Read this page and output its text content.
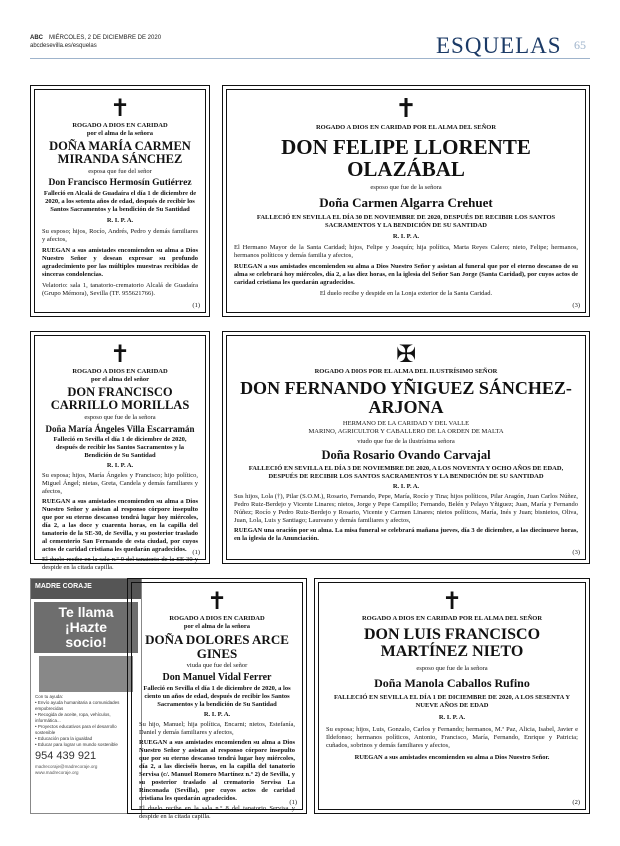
ABC MIÉRCOLES, 2 DE DICIEMBRE DE 2020
abcdesevilla.es/esquelas	ESQUELAS 65
✝
ROGADO A DIOS EN CARIDAD
por el alma de la señora
DOÑA MARÍA CARMEN MIRANDA SÁNCHEZ
esposa que fue del señor
Don Francisco Hermosín Gutiérrez
Falleció en Alcalá de Guadaíra el día 1 de diciembre de 2020, a los setenta años de edad, después de recibir los Santos Sacramentos y la bendición de Su Santidad
R. I. P. A.
Su esposo; hijos, Rocío, Andrés, Pedro y demás familiares y afectos,
RUEGAN a sus amistades encomienden su alma a Dios Nuestro Señor y desean expresar su profundo agradecimiento por las múltiples muestras recibidas de sinceras condolencias.
Velatorio: sala 1, tanatorio-crematorio Alcalá de Guadaíra (Grupo Mémora), Sevilla (TF. 955621766).
(1)
✝
ROGADO A DIOS EN CARIDAD POR EL ALMA DEL SEÑOR
DON FELIPE LLORENTE OLAZÁBAL
esposo que fue de la señora
Doña Carmen Algarra Crehuet
FALLECIÓ EN SEVILLA EL DÍA 30 DE NOVIEMBRE DE 2020, DESPUÉS DE RECIBIR LOS SANTOS SACRAMENTOS Y LA BENDICIÓN DE SU SANTIDAD
R. I. P. A.
El Hermano Mayor de la Santa Caridad; hijos, Felipe y Joaquín; hija política, Marta Reyes Calero; nieto, Felipe; hermanos, hermanos políticos y demás familia y afectos,
RUEGAN a sus amistades encomienden su alma a Dios Nuestro Señor y asistan al funeral que por el eterno descanso de su alma se celebrará hoy miércoles, día 2, a las diez horas, en la iglesia del Señor San Jorge (Santa Caridad), por cuyos actos de caridad cristiana les quedarán agradecidos.
El duelo recibe y despide en la Lonja exterior de la Santa Caridad.
(3)
✝
ROGADO A DIOS EN CARIDAD
por el alma del señor
DON FRANCISCO CARRILLO MORILLAS
esposo que fue de la señora
Doña María Ángeles Villa Escarramán
Falleció en Sevilla el día 1 de diciembre de 2020, después de recibir los Santos Sacramentos y la Bendición de Su Santidad
R. I. P. A.
Su esposa; hijos, María Ángeles y Francisco; hijo político, Miguel Ángel; nietas, Greta, Candela y demás familiares y afectos,
RUEGAN a sus amistades encomienden su alma a Dios Nuestro Señor y asistan al responso córpore insepulto que por su eterno descanso tendrá lugar hoy miércoles, día 2, a las doce y cuarenta horas, en la capilla del tanatorio de la SE-30, de Sevilla, y su posterior traslado al cementerio San Fernando de esta ciudad, por cuyos actos de caridad cristiana les quedarán agradecidos.
El duelo recibe en la sala n.º 9 del tanatorio de la SE-30 y despide en la citada capilla.
(1)
✠
ROGADO A DIOS POR EL ALMA DEL ILUSTRÍSIMO SEÑOR
DON FERNANDO YÑIGUEZ SÁNCHEZ-ARJONA
HERMANO DE LA CARIDAD Y DEL VALLE
MARINO, AGRICULTOR Y CABALLERO DE LA ORDEN DE MALTA
viudo que fue de la ilustrísima señora
Doña Rosario Ovando Carvajal
FALLECIÓ EN SEVILLA EL DÍA 3 DE NOVIEMBRE DE 2020, A LOS NOVENTA Y OCHO AÑOS DE EDAD, DESPUÉS DE RECIBIR LOS SANTOS SACRAMENTOS Y LA BENDICIÓN DE SU SANTIDAD
R. I. P. A.
Sus hijos, Lola (†), Pilar (S.O.M.), Rosario, Fernando, Pepe, María, Rocío y Tina; hijos políticos, Pilar Aragón, Juan Carlos Núñez, Pedro Ruiz-Berdejo y Vicente Linares; nietos, Jorge y Pepe Campillo; Fernando, Belén y Pelayo Yñiguez; Juan, María y Fernando Núñez; Rocío y Pedro Ruiz-Berdejo y Rosario, Vicente y Carmen Linares; nietos políticos, María, Inés y Juan; bisnietos, Oliva, Juan, Lola, Luis y Santiago; Laureano y demás familiares y afectos,
RUEGAN una oración por su alma. La misa funeral se celebrará mañana jueves, día 3 de diciembre, a las diecinueve horas, en la iglesia de la Anunciación.
(3)
MADRE CORAJE
Te llama
¡Hazte
socio!
Con tu ayuda:
• Envío ayuda humanitaria a comunidades empobrecidas
• Recogida de aceite, ropa, vehículos, informática...
• Proyectos educativos para el desarrollo sostenible
• Educación para la igualdad
• Educar para lograr un mundo sostenible
954 439 921
madrecoraje@madrecoraje.org
www.madrecoraje.org
✝
ROGADO A DIOS EN CARIDAD
por el alma de la señora
DOÑA DOLORES ARCE GINES
viuda que fue del señor
Don Manuel Vidal Ferrer
Falleció en Sevilla el día 1 de diciembre de 2020, a los ciento un años de edad, después de recibir los Santos Sacramentos y la bendición de Su Santidad
R. I. P. A.
Su hijo, Manuel; hija política, Encarni; nietos, Estefanía, Daniel y demás familiares y afectos,
RUEGAN a sus amistades encomienden su alma a Dios Nuestro Señor y asistan al responso córpore insepulto que por su eterno descanso tendrá lugar hoy miércoles, día 2, a las dieciséis horas, en la capilla del tanatorio Servisa (c/. Manuel Romero Martínez n.º 2) de Sevilla, y su posterior traslado al crematorio Servisa La Rinconada (Sevilla), por cuyos actos de caridad cristiana les quedarán agradecidos.
El duelo recibe en la sala n.º 8 del tanatorio Servisa y despide en la citada capilla.
(1)
✝
ROGADO A DIOS EN CARIDAD POR EL ALMA DEL SEÑOR
DON LUIS FRANCISCO MARTÍNEZ NIETO
esposo que fue de la señora
Doña Manola Caballos Rufino
FALLECIÓ EN SEVILLA EL DÍA 1 DE DICIEMBRE DE 2020, A LOS SESENTA Y NUEVE AÑOS DE EDAD
R. I. P. A.
Su esposa; hijos, Luis, Gonzalo, Carlos y Fernando; hermanos, M.ª Paz, Alicia, Isabel, Javier e Ildefonso; hermanos políticos, Antonio, Francisco, María, Fernando, Enrique y Patricia; cuñados, sobrinos y demás familiares y afectos,
RUEGAN a sus amistades encomienden su alma a Dios Nuestro Señor.
(2)
